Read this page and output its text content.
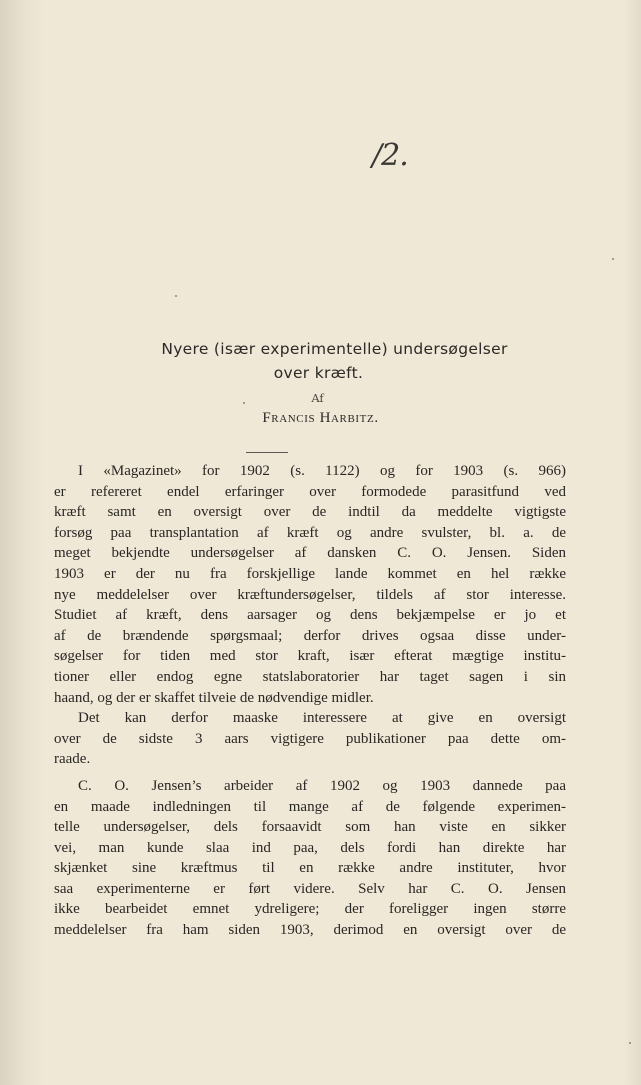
/2.
Nyere (især experimentelle) undersøgelser
over kræft.
Af
Francis Harbitz.

I «Magazinet» for 1902 (s. 1122) og for 1903 (s. 966)
er refereret endel erfaringer over formodede parasitfund ved
kræft samt en oversigt over de indtil da meddelte vigtigste
forsøg paa transplantation af kræft og andre svulster, bl. a. de
meget bekjendte undersøgelser af dansken C. O. Jensen. Siden
1903 er der nu fra forskjellige lande kommet en hel række
nye meddelelser over kræftundersøgelser, tildels af stor interesse.
Studiet af kræft, dens aarsager og dens bekjæmpelse er jo et
af de brændende spørgsmaal; derfor drives ogsaa disse under-
søgelser for tiden med stor kraft, især efterat mægtige institu-
tioner eller endog egne statslaboratorier har taget sagen i sin
haand, og der er skaffet tilveie de nødvendige midler.

Det kan derfor maaske interessere at give en oversigt
over de sidste 3 aars vigtigere publikationer paa dette om-
raade.

C. O. Jensen’s arbeider af 1902 og 1903 dannede paa
en maade indledningen til mange af de følgende experimen-
telle undersøgelser, dels forsaavidt som han viste en sikker
vei, man kunde slaa ind paa, dels fordi han direkte har
skjænket sine kræftmus til en række andre instituter, hvor
saa experimenterne er ført videre. Selv har C. O. Jensen
ikke bearbeidet emnet ydreligere; der foreligger ingen større
meddelelser fra ham siden 1903, derimod en oversigt over de
